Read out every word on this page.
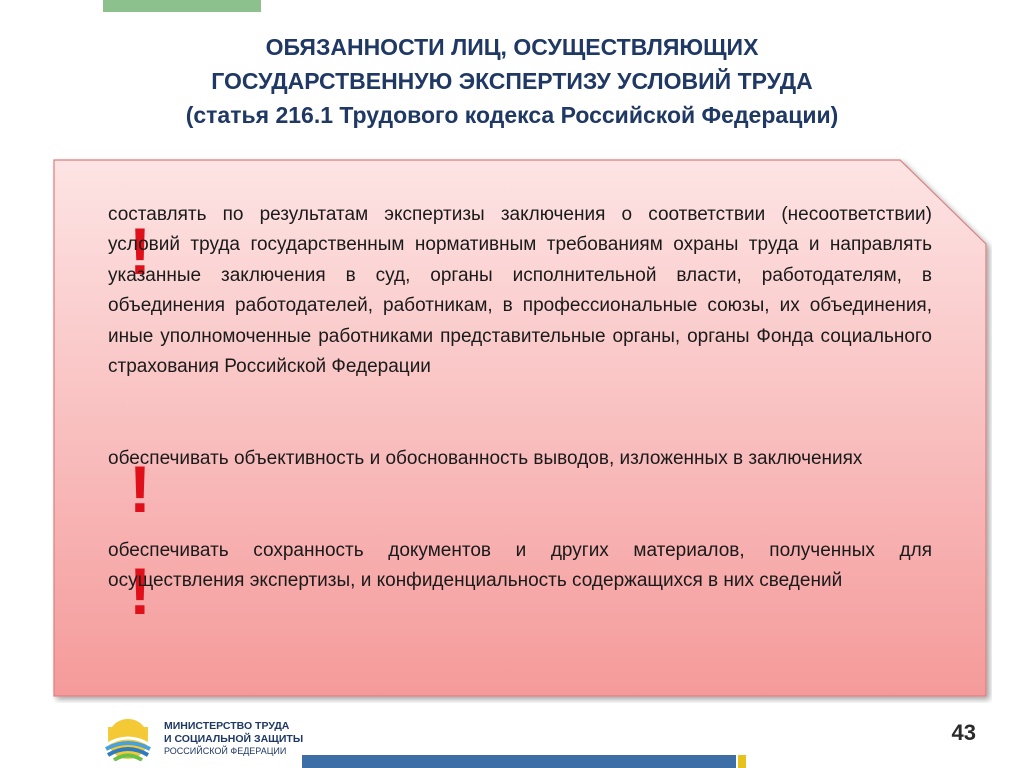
ОБЯЗАННОСТИ ЛИЦ, ОСУЩЕСТВЛЯЮЩИХ
ГОСУДАРСТВЕННУЮ ЭКСПЕРТИЗУ УСЛОВИЙ ТРУДА
(статья 216.1 Трудового кодекса Российской Федерации)
!
составлять по результатам экспертизы заключения о соответствии (несоответствии) условий труда государственным нормативным требованиям охраны труда и направлять указанные заключения в суд, органы исполнительной власти, работодателям, в объединения работодателей, работникам, в профессиональные союзы, их объединения, иные уполномоченные работниками представительные органы, органы Фонда социального страхования Российской Федерации
!
обеспечивать объективность и обоснованность выводов, изложенных в заключениях
!
обеспечивать сохранность документов и других материалов, полученных для осуществления экспертизы, и конфиденциальность содержащихся в них сведений
МИНИСТЕРСТВО ТРУДА
И СОЦИАЛЬНОЙ ЗАЩИТЫ
РОССИЙСКОЙ ФЕДЕРАЦИИ
43
